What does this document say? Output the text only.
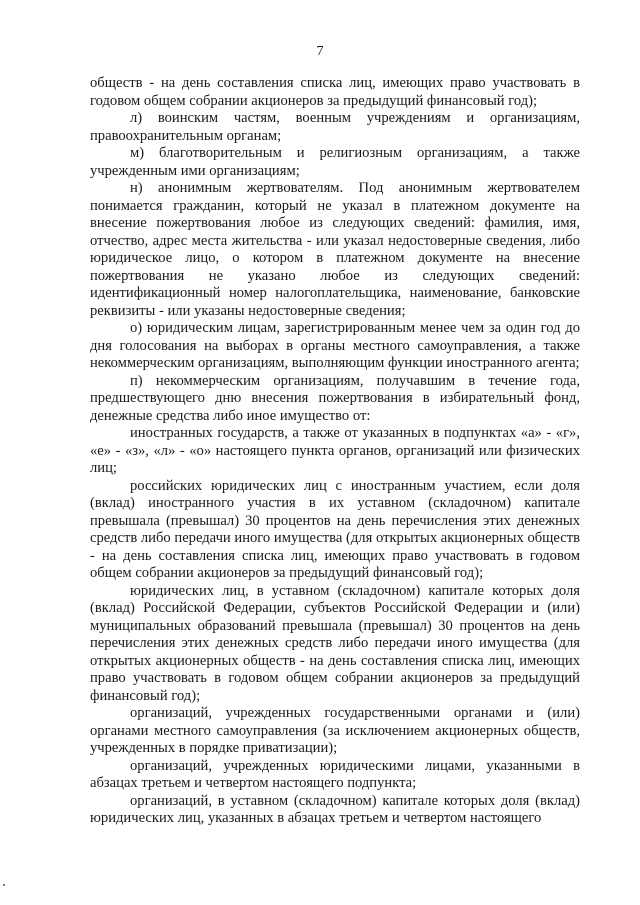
7

обществ - на день составления списка лиц, имеющих право участвовать в годовом общем собрании акционеров за предыдущий финансовый год);

л) воинским частям, военным учреждениям и организациям, правоохранительным органам;

м) благотворительным и религиозным организациям, а также учрежденным ими организациям;

н) анонимным жертвователям. Под анонимным жертвователем понимается гражданин, который не указал в платежном документе на внесение пожертвования любое из следующих сведений: фамилия, имя, отчество, адрес места жительства - или указал недостоверные сведения, либо юридическое лицо, о котором в платежном документе на внесение пожертвования не указано любое из следующих сведений: идентификационный номер налогоплательщика, наименование, банковские реквизиты - или указаны недостоверные сведения;

о) юридическим лицам, зарегистрированным менее чем за один год до дня голосования на выборах в органы местного самоуправления, а также некоммерческим организациям, выполняющим функции иностранного агента;

п) некоммерческим организациям, получавшим в течение года, предшествующего дню внесения пожертвования в избирательный фонд, денежные средства либо иное имущество от:

иностранных государств, а также от указанных в подпунктах «а» - «г», «е» - «з», «л» - «о» настоящего пункта органов, организаций или физических лиц;

российских юридических лиц с иностранным участием, если доля (вклад) иностранного участия в их уставном (складочном) капитале превышала (превышал) 30 процентов на день перечисления этих денежных средств либо передачи иного имущества (для открытых акционерных обществ - на день составления списка лиц, имеющих право участвовать в годовом общем собрании акционеров за предыдущий финансовый год);

юридических лиц, в уставном (складочном) капитале которых доля (вклад) Российской Федерации, субъектов Российской Федерации и (или) муниципальных образований превышала (превышал) 30 процентов на день перечисления этих денежных средств либо передачи иного имущества (для открытых акционерных обществ - на день составления списка лиц, имеющих право участвовать в годовом общем собрании акционеров за предыдущий финансовый год);

организаций, учрежденных государственными органами и (или) органами местного самоуправления (за исключением акционерных обществ, учрежденных в порядке приватизации);

организаций, учрежденных юридическими лицами, указанными в абзацах третьем и четвертом настоящего подпункта;

организаций, в уставном (складочном) капитале которых доля (вклад) юридических лиц, указанных в абзацах третьем и четвертом настоящего
